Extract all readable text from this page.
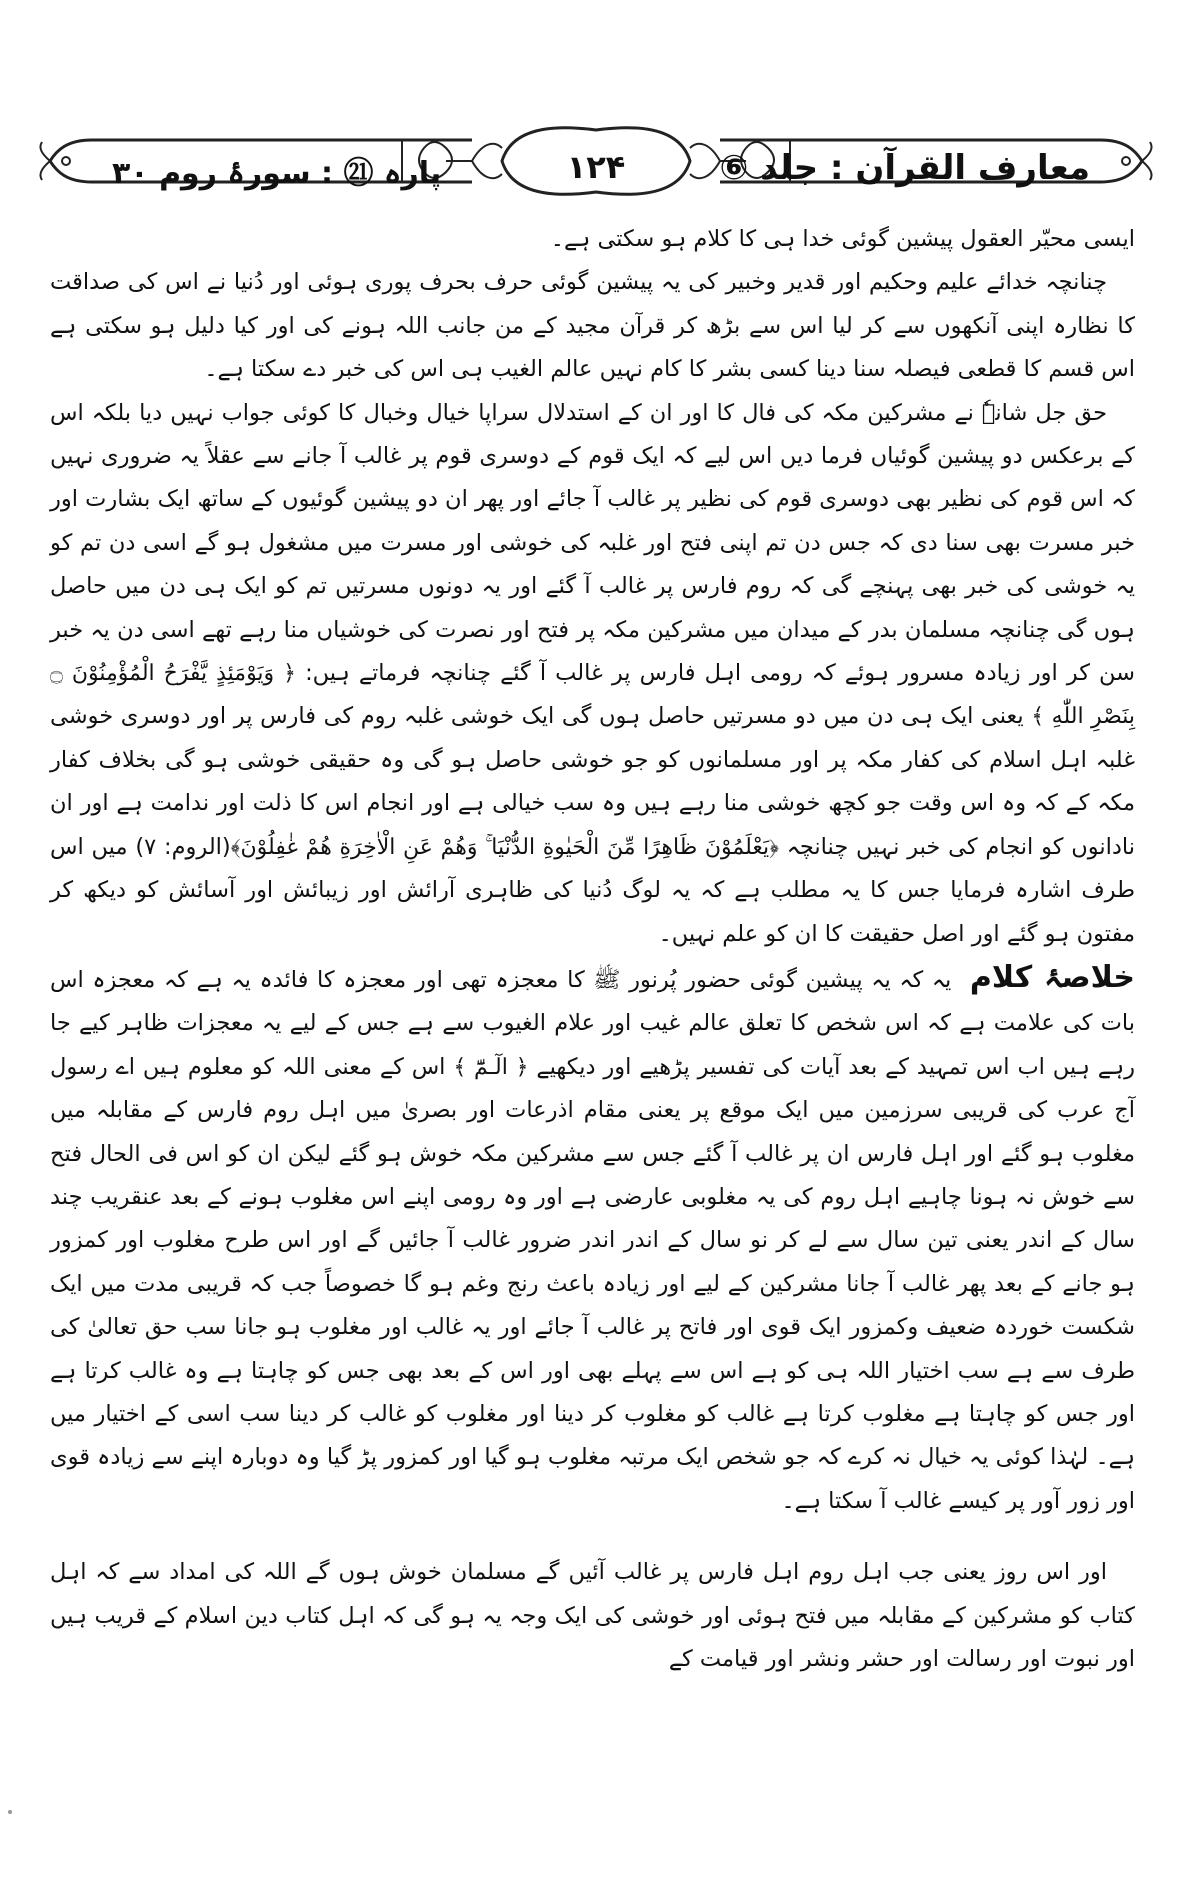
معارف القرآن : جلد ⑥
۱۲۴
پارہ ㉑ : سورۂ روم ۳۰

ایسی محیّر العقول پیشین گوئی خدا ہی کا کلام ہو سکتی ہے۔

چنانچہ خدائے علیم وحکیم اور قدیر وخبیر کی یہ پیشین گوئی حرف بحرف پوری ہوئی اور دُنیا نے اس کی صداقت کا نظارہ اپنی آنکھوں سے کر لیا اس سے بڑھ کر قرآن مجید کے من جانب اللہ ہونے کی اور کیا دلیل ہو سکتی ہے اس قسم کا قطعی فیصلہ سنا دینا کسی بشر کا کام نہیں عالم الغیب ہی اس کی خبر دے سکتا ہے۔

حق جل شانہٗ نے مشرکین مکہ کی فال کا اور ان کے استدلال سراپا خیال وخبال کا کوئی جواب نہیں دیا بلکہ اس کے برعکس دو پیشین گوئیاں فرما دیں اس لیے کہ ایک قوم کے دوسری قوم پر غالب آ جانے سے عقلاً یہ ضروری نہیں کہ اس قوم کی نظیر بھی دوسری قوم کی نظیر پر غالب آ جائے اور پھر ان دو پیشین گوئیوں کے ساتھ ایک بشارت اور خبر مسرت بھی سنا دی کہ جس دن تم اپنی فتح اور غلبہ کی خوشی اور مسرت میں مشغول ہو گے اسی دن تم کو یہ خوشی کی خبر بھی پہنچے گی کہ روم فارس پر غالب آ گئے اور یہ دونوں مسرتیں تم کو ایک ہی دن میں حاصل ہوں گی چنانچہ مسلمان بدر کے میدان میں مشرکین مکہ پر فتح اور نصرت کی خوشیاں منا رہے تھے اسی دن یہ خبر سن کر اور زیادہ مسرور ہوئے کہ رومی اہل فارس پر غالب آ گئے چنانچہ فرماتے ہیں: ﴿ وَيَوْمَئِذٍ يَّفْرَحُ الْمُؤْمِنُوْنَ ۝ بِنَصْرِ اللّٰهِ ﴾ یعنی ایک ہی دن میں دو مسرتیں حاصل ہوں گی ایک خوشی غلبہ روم کی فارس پر اور دوسری خوشی غلبہ اہل اسلام کی کفار مکہ پر اور مسلمانوں کو جو خوشی حاصل ہو گی وہ حقیقی خوشی ہو گی بخلاف کفار مکہ کے کہ وہ اس وقت جو کچھ خوشی منا رہے ہیں وہ سب خیالی ہے اور انجام اس کا ذلت اور ندامت ہے اور ان نادانوں کو انجام کی خبر نہیں چنانچہ ﴿يَعْلَمُوْنَ ظَاهِرًا مِّنَ الْحَيٰوةِ الدُّنْيَا ۚ وَهُمْ عَنِ الْاٰخِرَةِ هُمْ غٰفِلُوْنَ﴾(الروم: ۷) میں اس طرف اشارہ فرمایا جس کا یہ مطلب ہے کہ یہ لوگ دُنیا کی ظاہری آرائش اور زیبائش اور آسائش کو دیکھ کر مفتون ہو گئے اور اصل حقیقت کا ان کو علم نہیں۔

خلاصۂ کلام یہ کہ یہ پیشین گوئی حضور پُرنور ﷺ کا معجزہ تھی اور معجزہ کا فائدہ یہ ہے کہ معجزہ اس بات کی علامت ہے کہ اس شخص کا تعلق عالم غیب اور علام الغیوب سے ہے جس کے لیے یہ معجزات ظاہر کیے جا رہے ہیں اب اس تمہید کے بعد آیات کی تفسیر پڑھیے اور دیکھیے ﴿ الٓـمّٓ ﴾ اس کے معنی اللہ کو معلوم ہیں اے رسول آج عرب کی قریبی سرزمین میں ایک موقع پر یعنی مقام اذرعات اور بصریٰ میں اہل روم فارس کے مقابلہ میں مغلوب ہو گئے اور اہل فارس ان پر غالب آ گئے جس سے مشرکین مکہ خوش ہو گئے لیکن ان کو اس فی الحال فتح سے خوش نہ ہونا چاہیے اہل روم کی یہ مغلوبی عارضی ہے اور وہ رومی اپنے اس مغلوب ہونے کے بعد عنقریب چند سال کے اندر یعنی تین سال سے لے کر نو سال کے اندر اندر ضرور غالب آ جائیں گے اور اس طرح مغلوب اور کمزور ہو جانے کے بعد پھر غالب آ جانا مشرکین کے لیے اور زیادہ باعث رنج وغم ہو گا خصوصاً جب کہ قریبی مدت میں ایک شکست خوردہ ضعیف وکمزور ایک قوی اور فاتح پر غالب آ جائے اور یہ غالب اور مغلوب ہو جانا سب حق تعالیٰ کی طرف سے ہے سب اختیار اللہ ہی کو ہے اس سے پہلے بھی اور اس کے بعد بھی جس کو چاہتا ہے وہ غالب کرتا ہے اور جس کو چاہتا ہے مغلوب کرتا ہے غالب کو مغلوب کر دینا اور مغلوب کو غالب کر دینا سب اسی کے اختیار میں ہے۔ لہٰذا کوئی یہ خیال نہ کرے کہ جو شخص ایک مرتبہ مغلوب ہو گیا اور کمزور پڑ گیا وہ دوبارہ اپنے سے زیادہ قوی اور زور آور پر کیسے غالب آ سکتا ہے۔

اور اس روز یعنی جب اہل روم اہل فارس پر غالب آئیں گے مسلمان خوش ہوں گے اللہ کی امداد سے کہ اہل کتاب کو مشرکین کے مقابلہ میں فتح ہوئی اور خوشی کی ایک وجہ یہ ہو گی کہ اہل کتاب دین اسلام کے قریب ہیں اور نبوت اور رسالت اور حشر ونشر اور قیامت کے
